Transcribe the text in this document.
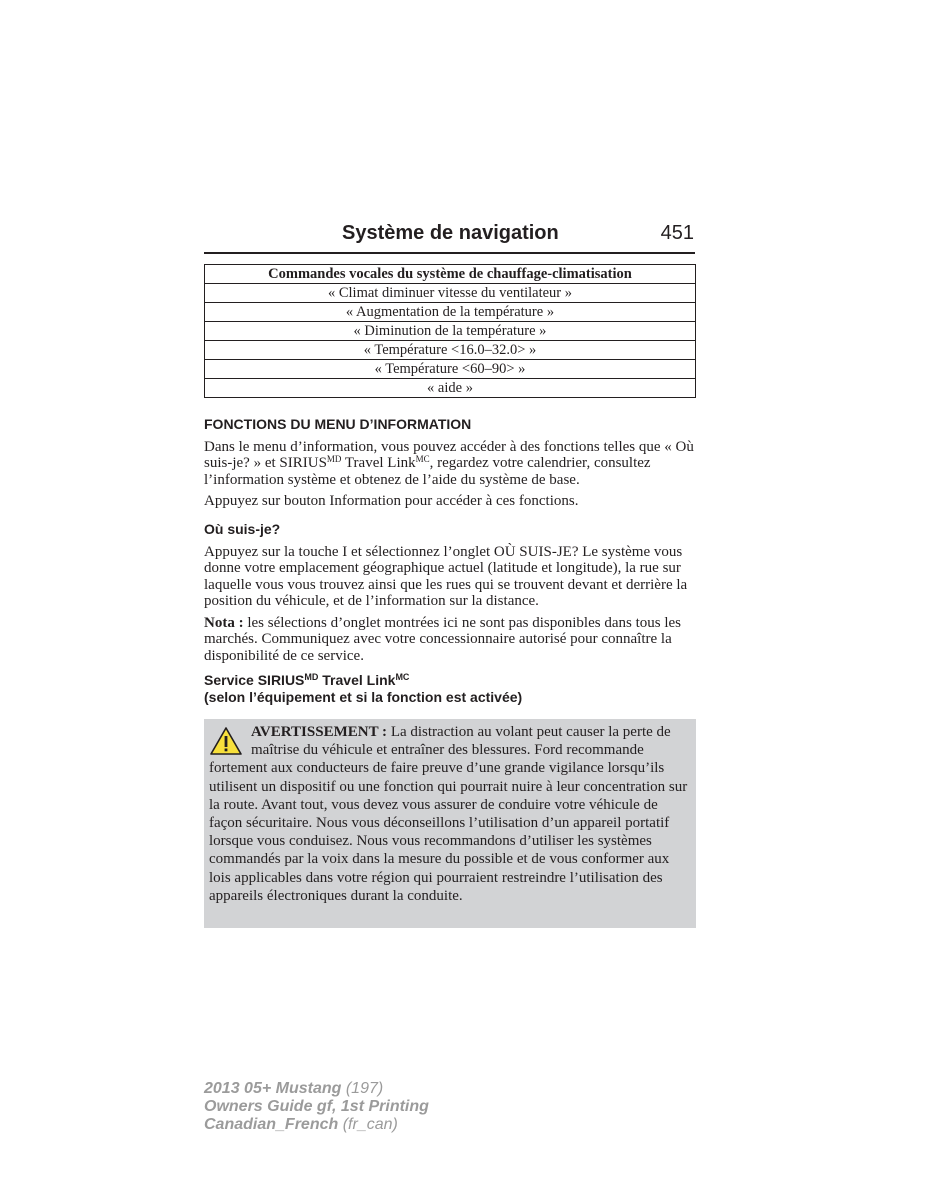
Système de navigation	451
Commandes vocales du système de chauffage-climatisation
« Climat diminuer vitesse du ventilateur »
« Augmentation de la température »
« Diminution de la température »
« Température <16.0–32.0> »
« Température <60–90> »
« aide »

FONCTIONS DU MENU D’INFORMATION

Dans le menu d’information, vous pouvez accéder à des fonctions telles que « Où suis-je? » et $SIRIUS^{MD}$ Travel Link$^{MC}$, regardez votre calendrier, consultez l’information système et obtenez de l’aide du système de base.

Appuyez sur bouton Information pour accéder à ces fonctions.

Où suis-je?

Appuyez sur la touche I et sélectionnez l’onglet OÙ SUIS-JE? Le système vous donne votre emplacement géographique actuel (latitude et longitude), la rue sur laquelle vous vous trouvez ainsi que les rues qui se trouvent devant et derrière la position du véhicule, et de l’information sur la distance.

Nota : les sélections d’onglet montrées ici ne sont pas disponibles dans tous les marchés. Communiquez avec votre concessionnaire autorisé pour connaître la disponibilité de ce service.

Service $SIRIUS^{MD}$ Travel Link$^{MC}$

(selon l’équipement et si la fonction est activée)

AVERTISSEMENT : La distraction au volant peut causer la perte de maîtrise du véhicule et entraîner des blessures. Ford recommande fortement aux conducteurs de faire preuve d’une grande vigilance lorsqu’ils utilisent un dispositif ou une fonction qui pourrait nuire à leur concentration sur la route. Avant tout, vous devez vous assurer de conduire votre véhicule de façon sécuritaire. Nous vous déconseillons l’utilisation d’un appareil portatif lorsque vous conduisez. Nous vous recommandons d’utiliser les systèmes commandés par la voix dans la mesure du possible et de vous conformer aux lois applicables dans votre région qui pourraient restreindre l’utilisation des appareils électroniques durant la conduite.
2013 05+ Mustang (197)
Owners Guide gf, 1st Printing
Canadian_French (fr_can)
